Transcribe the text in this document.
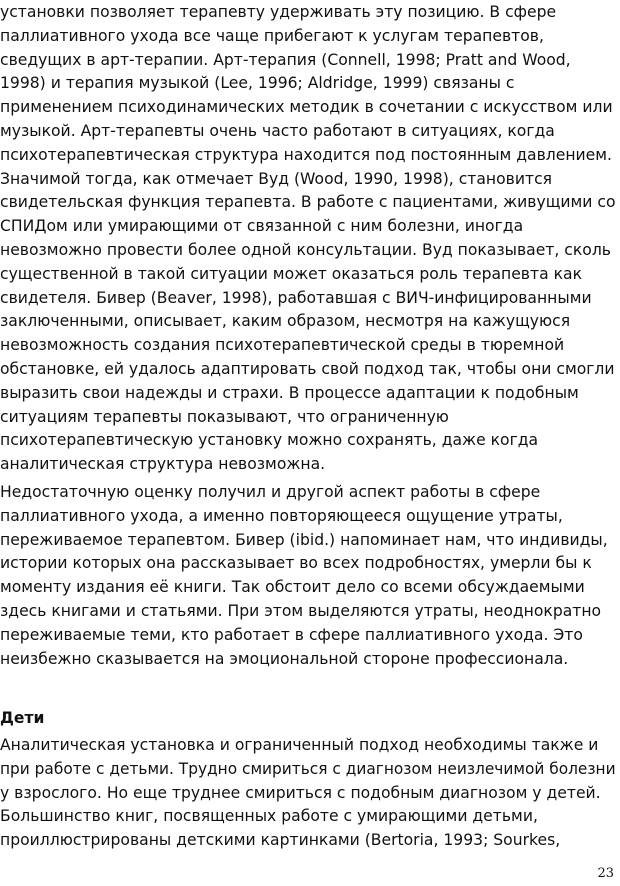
установки позволяет терапевту удерживать эту позицию. В сфере
паллиативного ухода все чаще прибегают к услугам терапевтов,
сведущих в арт-терапии. Арт-терапия (Connell, 1998; Pratt and Wood,
1998) и терапия музыкой (Lee, 1996; Aldridge, 1999) связаны с
применением психодинамических методик в сочетании с искусством или
музыкой. Арт-терапевты очень часто работают в ситуациях, когда
психотерапевтическая структура находится под постоянным давлением.
Значимой тогда, как отмечает Вуд (Wood, 1990, 1998), становится
свидетельская функция терапевта. В работе с пациентами, живущими со
СПИДом или умирающими от связанной с ним болезни, иногда
невозможно провести более одной консультации. Вуд показывает, сколь
существенной в такой ситуации может оказаться роль терапевта как
свидетеля. Бивер (Beaver, 1998), работавшая с ВИЧ-инфицированными
заключенными, описывает, каким образом, несмотря на кажущуюся
невозможность создания психотерапевтической среды в тюремной
обстановке, ей удалось адаптировать свой подход так, чтобы они смогли
выразить свои надежды и страхи. В процессе адаптации к подобным
ситуациям терапевты показывают, что ограниченную
психотерапевтическую установку можно сохранять, даже когда
аналитическая структура невозможна.
Недостаточную оценку получил и другой аспект работы в сфере
паллиативного ухода, а именно повторяющееся ощущение утраты,
переживаемое терапевтом. Бивер (ibid.) напоминает нам, что индивиды,
истории которых она рассказывает во всех подробностях, умерли бы к
моменту издания её книги. Так обстоит дело со всеми обсуждаемыми
здесь книгами и статьями. При этом выделяются утраты, неоднократно
переживаемые теми, кто работает в сфере паллиативного ухода. Это
неизбежно сказывается на эмоциональной стороне профессионала.
Дети
Аналитическая установка и ограниченный подход необходимы также и
при работе с детьми. Трудно смириться с диагнозом неизлечимой болезни
у взрослого. Но еще труднее смириться с подобным диагнозом у детей.
Большинство книг, посвященных работе с умирающими детьми,
проиллюстрированы детскими картинками (Bertoria, 1993; Sourkes,
23
